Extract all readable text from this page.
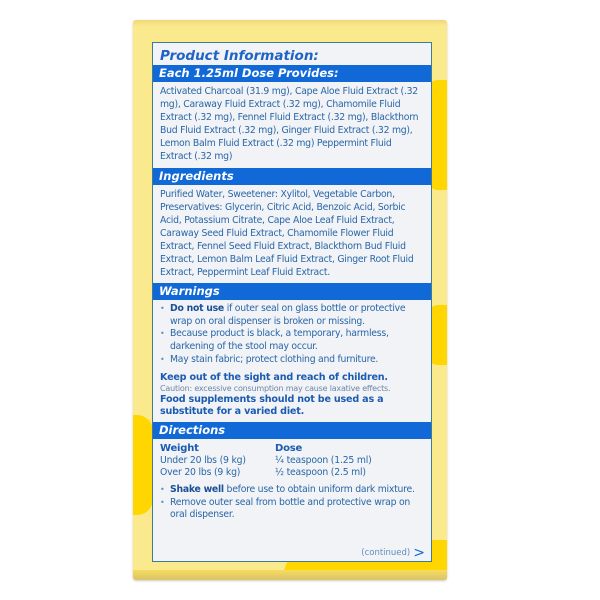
Product Information:
Each 1.25ml Dose Provides:
Activated Charcoal (31.9 mg), Cape Aloe Fluid Extract (.32 mg), Caraway Fluid Extract (.32 mg), Chamomile Fluid Extract (.32 mg), Fennel Fluid Extract (.32 mg), Blackthorn Bud Fluid Extract (.32 mg), Ginger Fluid Extract (.32 mg), Lemon Balm Fluid Extract (.32 mg) Peppermint Fluid Extract (.32 mg)
Ingredients
Purified Water, Sweetener: Xylitol, Vegetable Carbon, Preservatives: Glycerin, Citric Acid, Benzoic Acid, Sorbic Acid, Potassium Citrate, Cape Aloe Leaf Fluid Extract, Caraway Seed Fluid Extract, Chamomile Flower Fluid Extract, Fennel Seed Fluid Extract, Blackthorn Bud Fluid Extract, Lemon Balm Leaf Fluid Extract, Ginger Root Fluid Extract, Peppermint Leaf Fluid Extract.
Warnings
• Do not use if outer seal on glass bottle or protective wrap on oral dispenser is broken or missing.
• Because product is black, a temporary, harmless, darkening of the stool may occur.
• May stain fabric; protect clothing and furniture.
Keep out of the sight and reach of children.
Caution: excessive consumption may cause laxative effects.
Food supplements should not be used as a substitute for a varied diet.
Directions
Weight
Under 20 lbs (9 kg)
Over 20 lbs (9 kg)
Dose
¼ teaspoon (1.25 ml)
½ teaspoon (2.5 ml)
• Shake well before use to obtain uniform dark mixture.
• Remove outer seal from bottle and protective wrap on oral dispenser.
(continued) >
